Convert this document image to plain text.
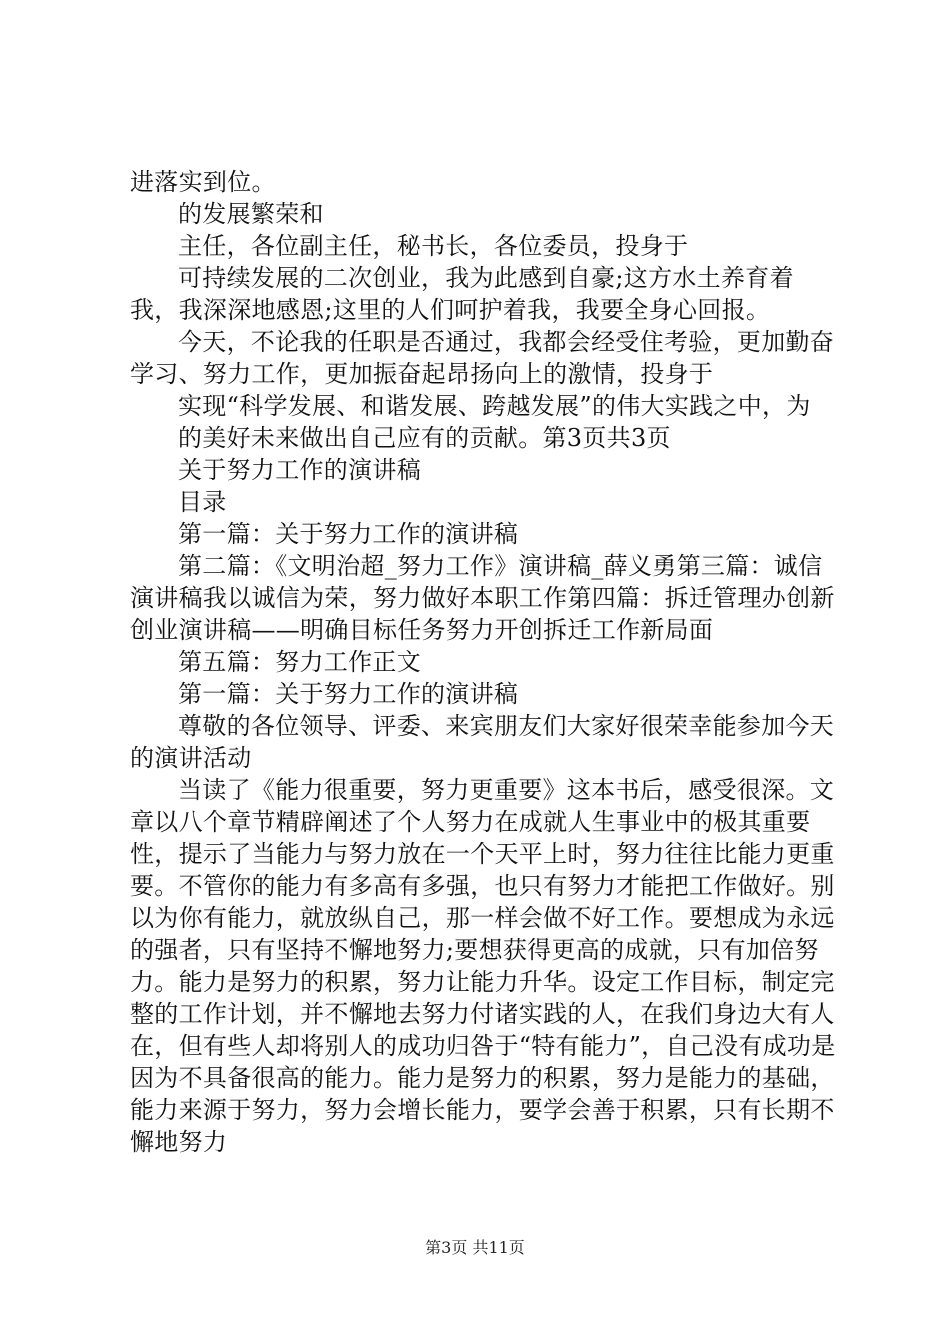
进落实到位。

的发展繁荣和

主任，各位副主任，秘书长，各位委员，投身于

可持续发展的二次创业，我为此感到自豪;这方水土养育着我，我深深地感恩;这里的人们呵护着我，我要全身心回报。

今天，不论我的任职是否通过，我都会经受住考验，更加勤奋学习、努力工作，更加振奋起昂扬向上的激情，投身于

实现“科学发展、和谐发展、跨越发展”的伟大实践之中，为

的美好未来做出自己应有的贡献。第3页共3页

关于努力工作的演讲稿

目录

第一篇：关于努力工作的演讲稿

第二篇：《文明治超_努力工作》演讲稿_薛义勇第三篇：诚信演讲稿我以诚信为荣，努力做好本职工作第四篇：拆迁管理办创新创业演讲稿——明确目标任务努力开创拆迁工作新局面

第五篇：努力工作正文

第一篇：关于努力工作的演讲稿

尊敬的各位领导、评委、来宾朋友们大家好很荣幸能参加今天的演讲活动

当读了《能力很重要，努力更重要》这本书后，感受很深。文章以八个章节精辟阐述了个人努力在成就人生事业中的极其重要性，提示了当能力与努力放在一个天平上时，努力往往比能力更重要。不管你的能力有多高有多强，也只有努力才能把工作做好。别以为你有能力，就放纵自己，那一样会做不好工作。要想成为永远的强者，只有坚持不懈地努力;要想获得更高的成就，只有加倍努力。能力是努力的积累，努力让能力升华。设定工作目标，制定完整的工作计划，并不懈地去努力付诸实践的人，在我们身边大有人在，但有些人却将别人的成功归咎于“特有能力”，自己没有成功是因为不具备很高的能力。能力是努力的积累，努力是能力的基础，能力来源于努力，努力会增长能力，要学会善于积累，只有长期不懈地努力

第3页 共11页
